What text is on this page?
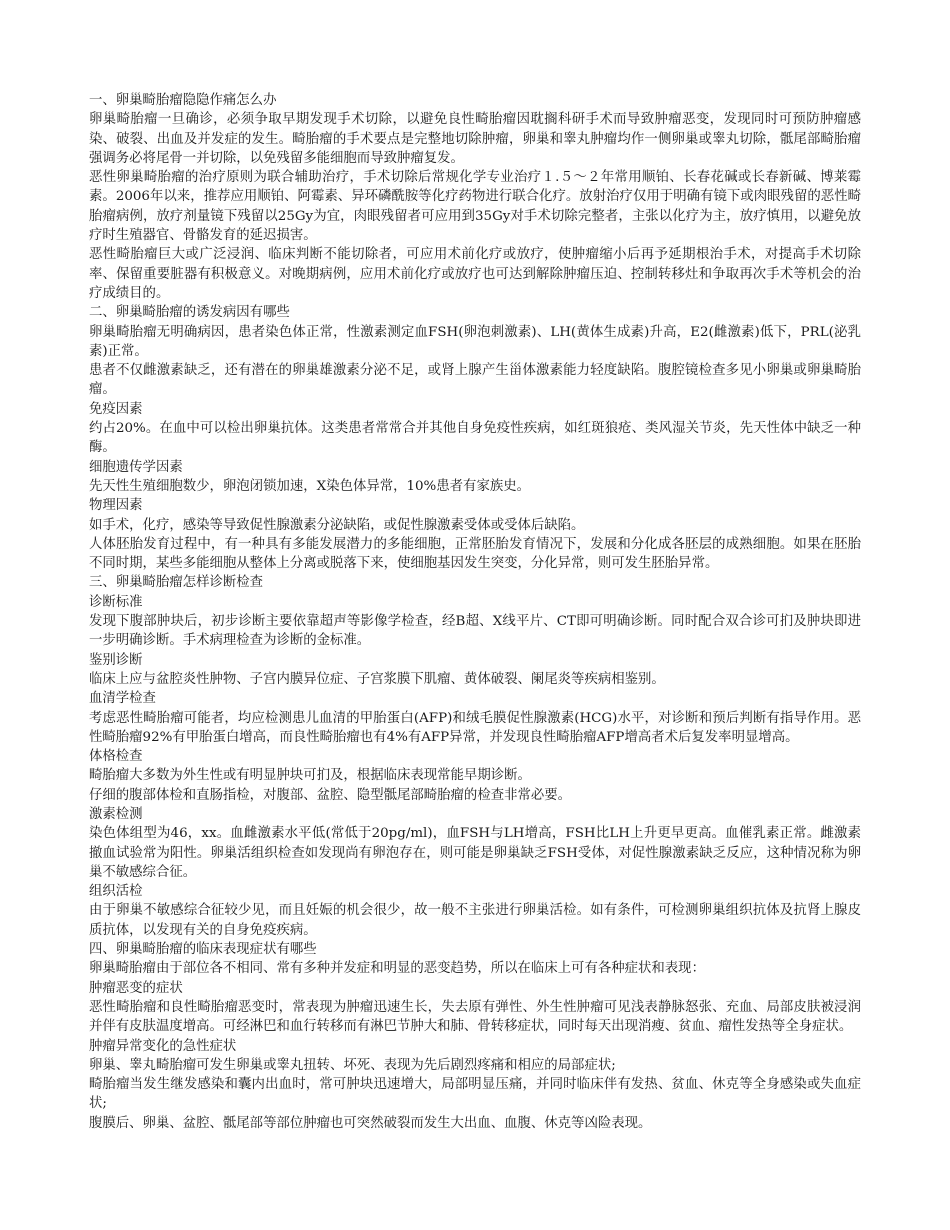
一、卵巢畸胎瘤隐隐作痛怎么办

卵巢畸胎瘤一旦确诊，必须争取早期发现手术切除，以避免良性畸胎瘤因耽搁科研手术而导致肿瘤恶变，发现同时可预防肿瘤感染、破裂、出血及并发症的发生。畸胎瘤的手术要点是完整地切除肿瘤，卵巢和睾丸肿瘤均作一侧卵巢或睾丸切除，骶尾部畸胎瘤强调务必将尾骨一并切除，以免残留多能细胞而导致肿瘤复发。

恶性卵巢畸胎瘤的治疗原则为联合辅助治疗，手术切除后常规化学专业治疗１.５～２年常用顺铂、长春花碱或长春新碱、博莱霉素。2006年以来，推荐应用顺铂、阿霉素、异环磷酰胺等化疗药物进行联合化疗。放射治疗仅用于明确有镜下或肉眼残留的恶性畸胎瘤病例，放疗剂量镜下残留以25Gy为宜，肉眼残留者可应用到35Gy对手术切除完整者，主张以化疗为主，放疗慎用，以避免放疗时生殖器官、骨骼发育的延迟损害。

恶性畸胎瘤巨大或广泛浸润、临床判断不能切除者，可应用术前化疗或放疗，使肿瘤缩小后再予延期根治手术，对提高手术切除率、保留重要脏器有积极意义。对晚期病例，应用术前化疗或放疗也可达到解除肿瘤压迫、控制转移灶和争取再次手术等机会的治疗成绩目的。

二、卵巢畸胎瘤的诱发病因有哪些

卵巢畸胎瘤无明确病因，患者染色体正常，性激素测定血FSH(卵泡刺激素)、LH(黄体生成素)升高，E2(雌激素)低下，PRL(泌乳素)正常。

患者不仅雌激素缺乏，还有潜在的卵巢雄激素分泌不足，或肾上腺产生甾体激素能力轻度缺陷。腹腔镜检查多见小卵巢或卵巢畸胎瘤。

免疫因素

约占20%。在血中可以检出卵巢抗体。这类患者常常合并其他自身免疫性疾病，如红斑狼疮、类风湿关节炎，先天性体中缺乏一种酶。

细胞遗传学因素

先天性生殖细胞数少，卵泡闭锁加速，X染色体异常，10%患者有家族史。

物理因素

如手术，化疗，感染等导致促性腺激素分泌缺陷，或促性腺激素受体或受体后缺陷。

人体胚胎发育过程中，有一种具有多能发展潜力的多能细胞，正常胚胎发育情况下，发展和分化成各胚层的成熟细胞。如果在胚胎不同时期，某些多能细胞从整体上分离或脱落下来，使细胞基因发生突变，分化异常，则可发生胚胎异常。

三、卵巢畸胎瘤怎样诊断检查

诊断标准

发现下腹部肿块后，初步诊断主要依靠超声等影像学检查，经B超、X线平片、CT即可明确诊断。同时配合双合诊可扪及肿块即进一步明确诊断。手术病理检查为诊断的金标准。

鉴别诊断

临床上应与盆腔炎性肿物、子宫内膜异位症、子宫浆膜下肌瘤、黄体破裂、阑尾炎等疾病相鉴别。

血清学检查

考虑恶性畸胎瘤可能者，均应检测患儿血清的甲胎蛋白(AFP)和绒毛膜促性腺激素(HCG)水平，对诊断和预后判断有指导作用。恶性畸胎瘤92%有甲胎蛋白增高，而良性畸胎瘤也有4%有AFP异常，并发现良性畸胎瘤AFP增高者术后复发率明显增高。

体格检查

畸胎瘤大多数为外生性或有明显肿块可扪及，根据临床表现常能早期诊断。

仔细的腹部体检和直肠指检，对腹部、盆腔、隐型骶尾部畸胎瘤的检查非常必要。

激素检测

染色体组型为46，xx。血雌激素水平低(常低于20pg/ml)，血FSH与LH增高，FSH比LH上升更早更高。血催乳素正常。雌激素撤血试验常为阳性。卵巢活组织检查如发现尚有卵泡存在，则可能是卵巢缺乏FSH受体，对促性腺激素缺乏反应，这种情况称为卵巢不敏感综合征。

组织活检

由于卵巢不敏感综合征较少见，而且妊娠的机会很少，故一般不主张进行卵巢活检。如有条件，可检测卵巢组织抗体及抗肾上腺皮质抗体，以发现有关的自身免疫疾病。

四、卵巢畸胎瘤的临床表现症状有哪些

卵巢畸胎瘤由于部位各不相同、常有多种并发症和明显的恶变趋势，所以在临床上可有各种症状和表现：

肿瘤恶变的症状

恶性畸胎瘤和良性畸胎瘤恶变时，常表现为肿瘤迅速生长，失去原有弹性、外生性肿瘤可见浅表静脉怒张、充血、局部皮肤被浸润并伴有皮肤温度增高。可经淋巴和血行转移而有淋巴节肿大和肺、骨转移症状，同时每天出现消瘦、贫血、瘤性发热等全身症状。

肿瘤异常变化的急性症状

卵巢、睾丸畸胎瘤可发生卵巢或睾丸扭转、坏死、表现为先后剧烈疼痛和相应的局部症状;

畸胎瘤当发生继发感染和囊内出血时，常可肿块迅速增大，局部明显压痛，并同时临床伴有发热、贫血、休克等全身感染或失血症状;

腹膜后、卵巢、盆腔、骶尾部等部位肿瘤也可突然破裂而发生大出血、血腹、休克等凶险表现。
